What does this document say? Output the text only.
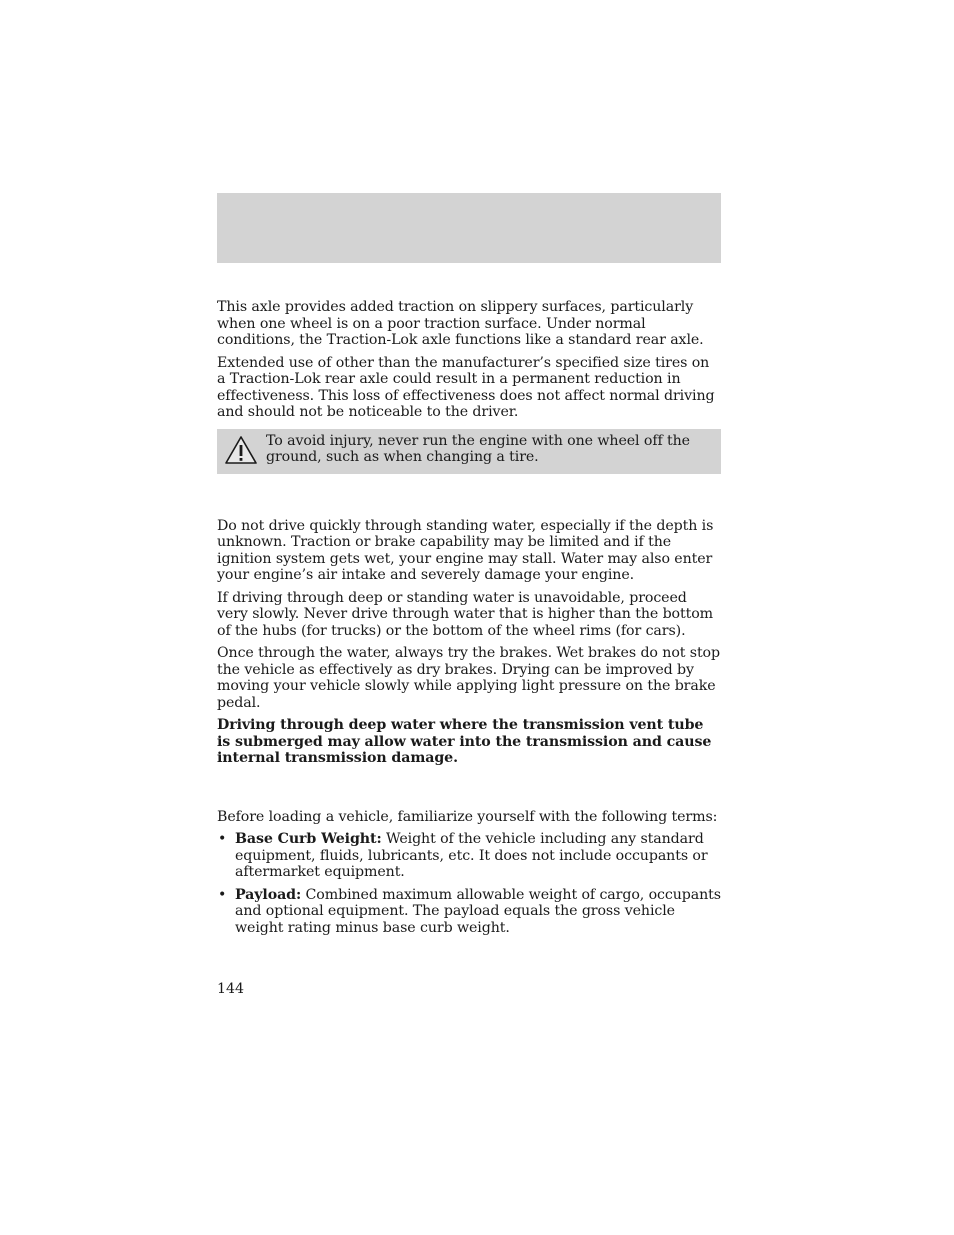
This axle provides added traction on slippery surfaces, particularly when one wheel is on a poor traction surface. Under normal conditions, the Traction-Lok axle functions like a standard rear axle.

Extended use of other than the manufacturer’s specified size tires on a Traction-Lok rear axle could result in a permanent reduction in effectiveness. This loss of effectiveness does not affect normal driving and should not be noticeable to the driver.

To avoid injury, never run the engine with one wheel off the ground, such as when changing a tire.

Do not drive quickly through standing water, especially if the depth is unknown. Traction or brake capability may be limited and if the ignition system gets wet, your engine may stall. Water may also enter your engine’s air intake and severely damage your engine.

If driving through deep or standing water is unavoidable, proceed very slowly. Never drive through water that is higher than the bottom of the hubs (for trucks) or the bottom of the wheel rims (for cars).

Once through the water, always try the brakes. Wet brakes do not stop the vehicle as effectively as dry brakes. Drying can be improved by moving your vehicle slowly while applying light pressure on the brake pedal.

Driving through deep water where the transmission vent tube is submerged may allow water into the transmission and cause internal transmission damage.

Before loading a vehicle, familiarize yourself with the following terms:

• Base Curb Weight: Weight of the vehicle including any standard equipment, fluids, lubricants, etc. It does not include occupants or aftermarket equipment.
• Payload: Combined maximum allowable weight of cargo, occupants and optional equipment. The payload equals the gross vehicle weight rating minus base curb weight.
144
